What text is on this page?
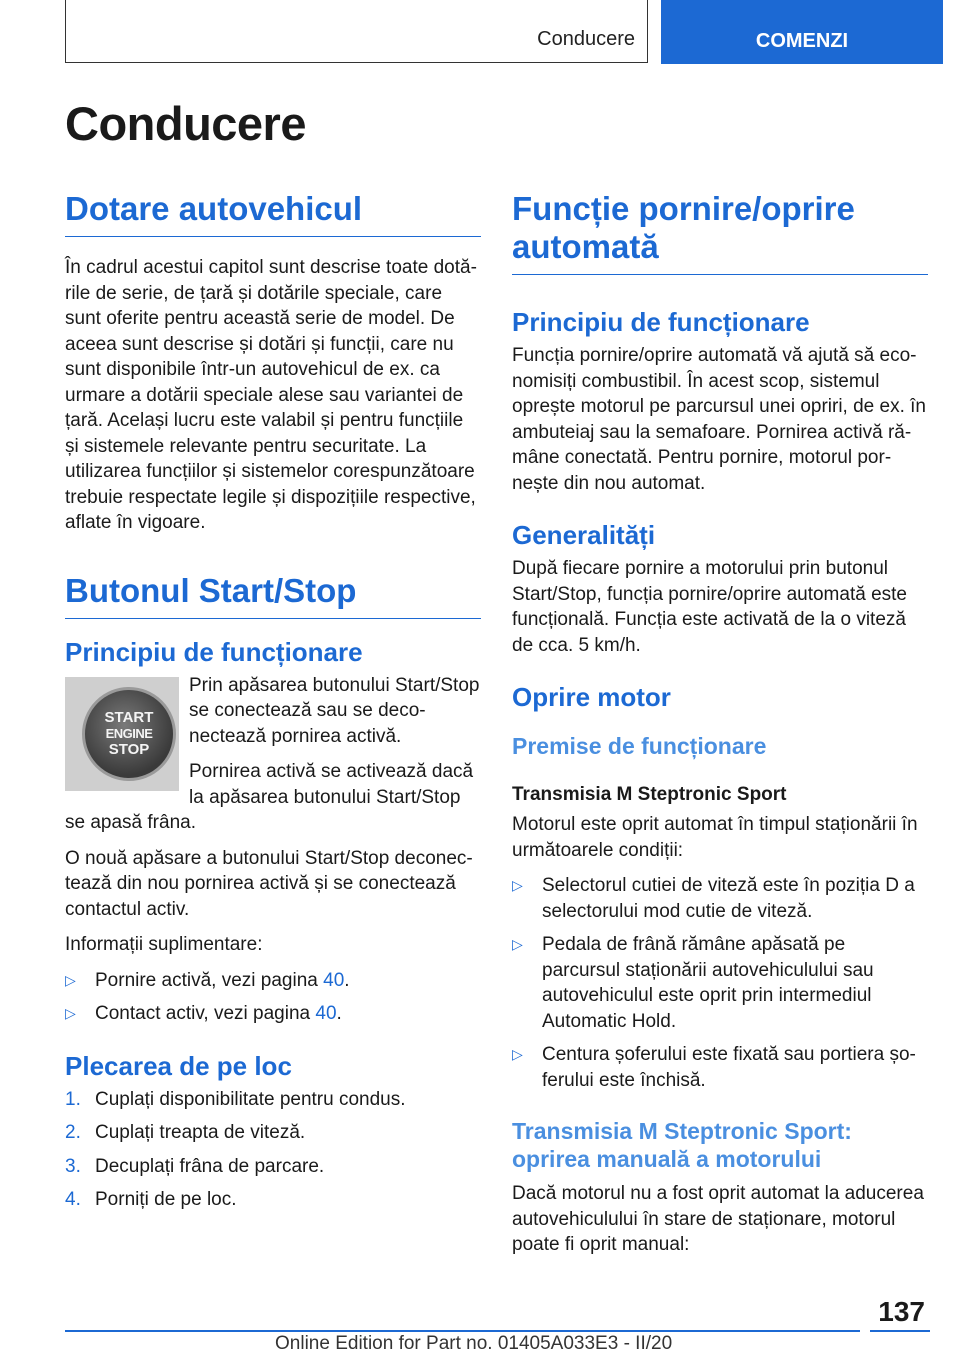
Conducere	COMENZI
Conducere
Dotare autovehicul

În cadrul acestui capitol sunt descrise toate dotările de serie, de țară și dotările speciale, care sunt oferite pentru această serie de model. De aceea sunt descrise și dotări și funcții, care nu sunt disponibile într-un autovehicul de ex. ca urmare a dotării speciale alese sau variantei de țară. Același lucru este valabil și pentru funcțiile și sistemele relevante pentru securitate. La utilizarea funcțiilor și sistemelor corespunzătoare trebuie respectate legile și dispozițiile respective, aflate în vigoare.

Butonul Start/Stop
Principiu de funcționare
START
ENGINE
STOP

Prin apăsarea butonului Start/Stop se conectează sau se deconectează pornirea activă.

Pornirea activă se activează dacă la apăsarea butonului Start/Stop se apasă frâna.

O nouă apăsare a butonului Start/Stop deconectează din nou pornirea activă și se conectează contactul activ.

Informații suplimentare:

▷ Pornire activă, vezi pagina 40.
▷ Contact activ, vezi pagina 40.
Plecarea de pe loc
1. Cuplați disponibilitate pentru condus.
2. Cuplați treapta de viteză.
3. Decuplați frâna de parcare.
4. Porniți de pe loc.
Funcție pornire/oprire automată
Principiu de funcționare

Funcția pornire/oprire automată vă ajută să economisiți combustibil. În acest scop, sistemul oprește motorul pe parcursul unei opriri, de ex. în ambuteiaj sau la semafoare. Pornirea activă rămâne conectată. Pentru pornire, motorul pornește din nou automat.

Generalități

După fiecare pornire a motorului prin butonul Start/Stop, funcția pornire/oprire automată este funcțională. Funcția este activată de la o viteză de cca. 5 km/h.

Oprire motor
Premise de funcționare
Transmisia M Steptronic Sport

Motorul este oprit automat în timpul staționării în următoarele condiții:

▷ Selectorul cutiei de viteză este în poziția D a selectorului mod cutie de viteză.
▷ Pedala de frână rămâne apăsată pe parcursul staționării autovehiculului sau autovehiculul este oprit prin intermediul Automatic Hold.
▷ Centura șoferului este fixată sau portiera șoferului este închisă.
Transmisia M Steptronic Sport: oprirea manuală a motorului

Dacă motorul nu a fost oprit automat la aducerea autovehiculului în stare de staționare, motorul poate fi oprit manual:

137
Online Edition for Part no. 01405A033E3 - II/20
